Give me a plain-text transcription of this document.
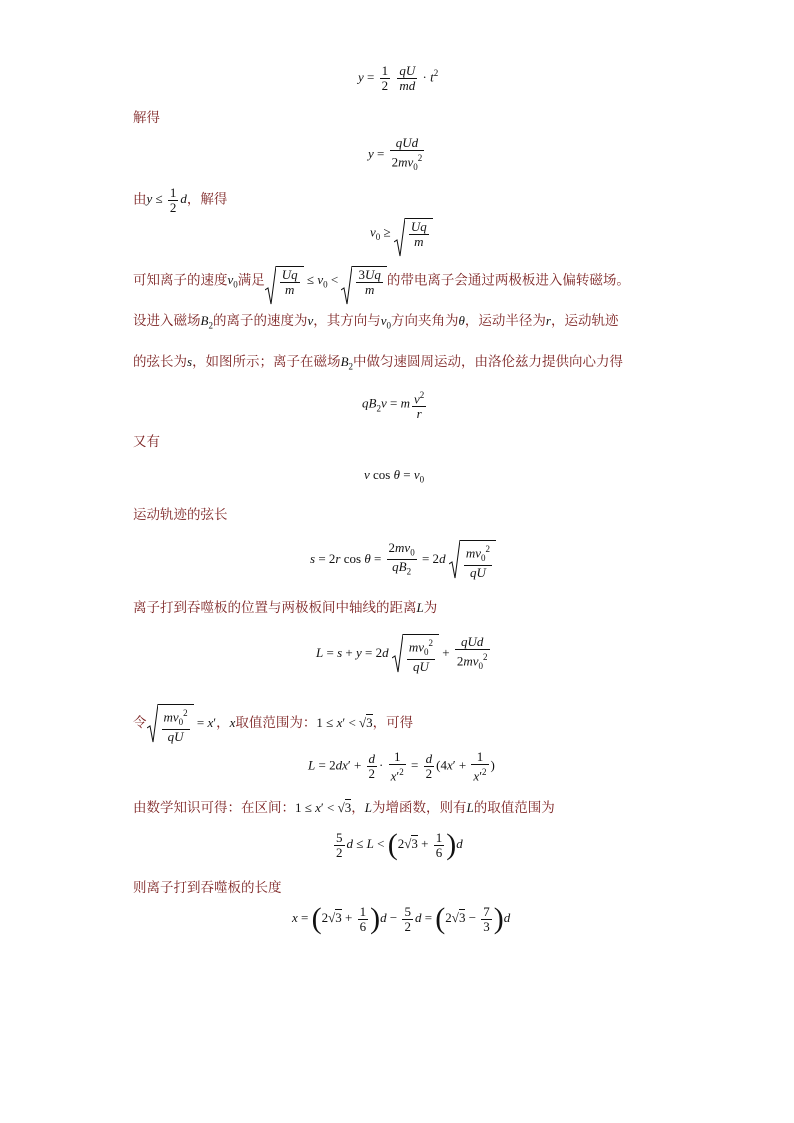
$y = \frac{1}{2}$
$\frac{qU}{md} \cdot t^2$
解得
$y = \frac{\text{qUd}}{2mv_0^2}$
由$y \le \frac{1}{2}$ d，解得
$v_0 \ge \frac{Uq}{m}$
可知离子的速度$v_0$满足 $\frac{Uq}{m} \le v_0 < \frac{3Uq}{m}$ 的带电离子会通过两极板进入偏转磁场。
设进入磁场$B_2$的离子的速度为v，其方向与$v_0$方向夹角为θ，运动半径为r，运动轨迹
的弦长为s，如图所示；离子在磁场$B_2$中做匀速圆周运动，由洛伦兹力提供向心力得
$qB_2v = m \frac{v^2}{r}$
又有
v $\cos \theta = v_0$
运动轨迹的弦长
s = 2r $\cos \theta = \frac{2mv_0}{qB_2} = 2d \frac{mv_0^2}{qU}$
离子打到吞噬板的位置与两极板间中轴线的距离L为
$L = s + y = 2d \frac{mv_0^2}{qU} + \frac{\text{qUd}}{2mv_0^2}$
令 $\frac{mv_0^2}{qU} = x'$，x取值范围为：1 ≤ x′ < √3，可得
$L = 2dx' + \frac{d}{2} \cdot \frac{1}{x'^2} = \frac{d}{2} (4x' + \frac{1}{x'^2}$ )
由数学知识可得：在区间：1 ≤ x′ < √3，L为增函数，则有L的取值范围为
$\frac{5}{2}$ $d \le L < (2√3 + \frac{1}{6} )d$
则离子打到吞噬板的长度
$x = (2√3 + \frac{1}{6} )d - \frac{5}{2}$ $d = (2√3 - \frac{7}{3} )d$
